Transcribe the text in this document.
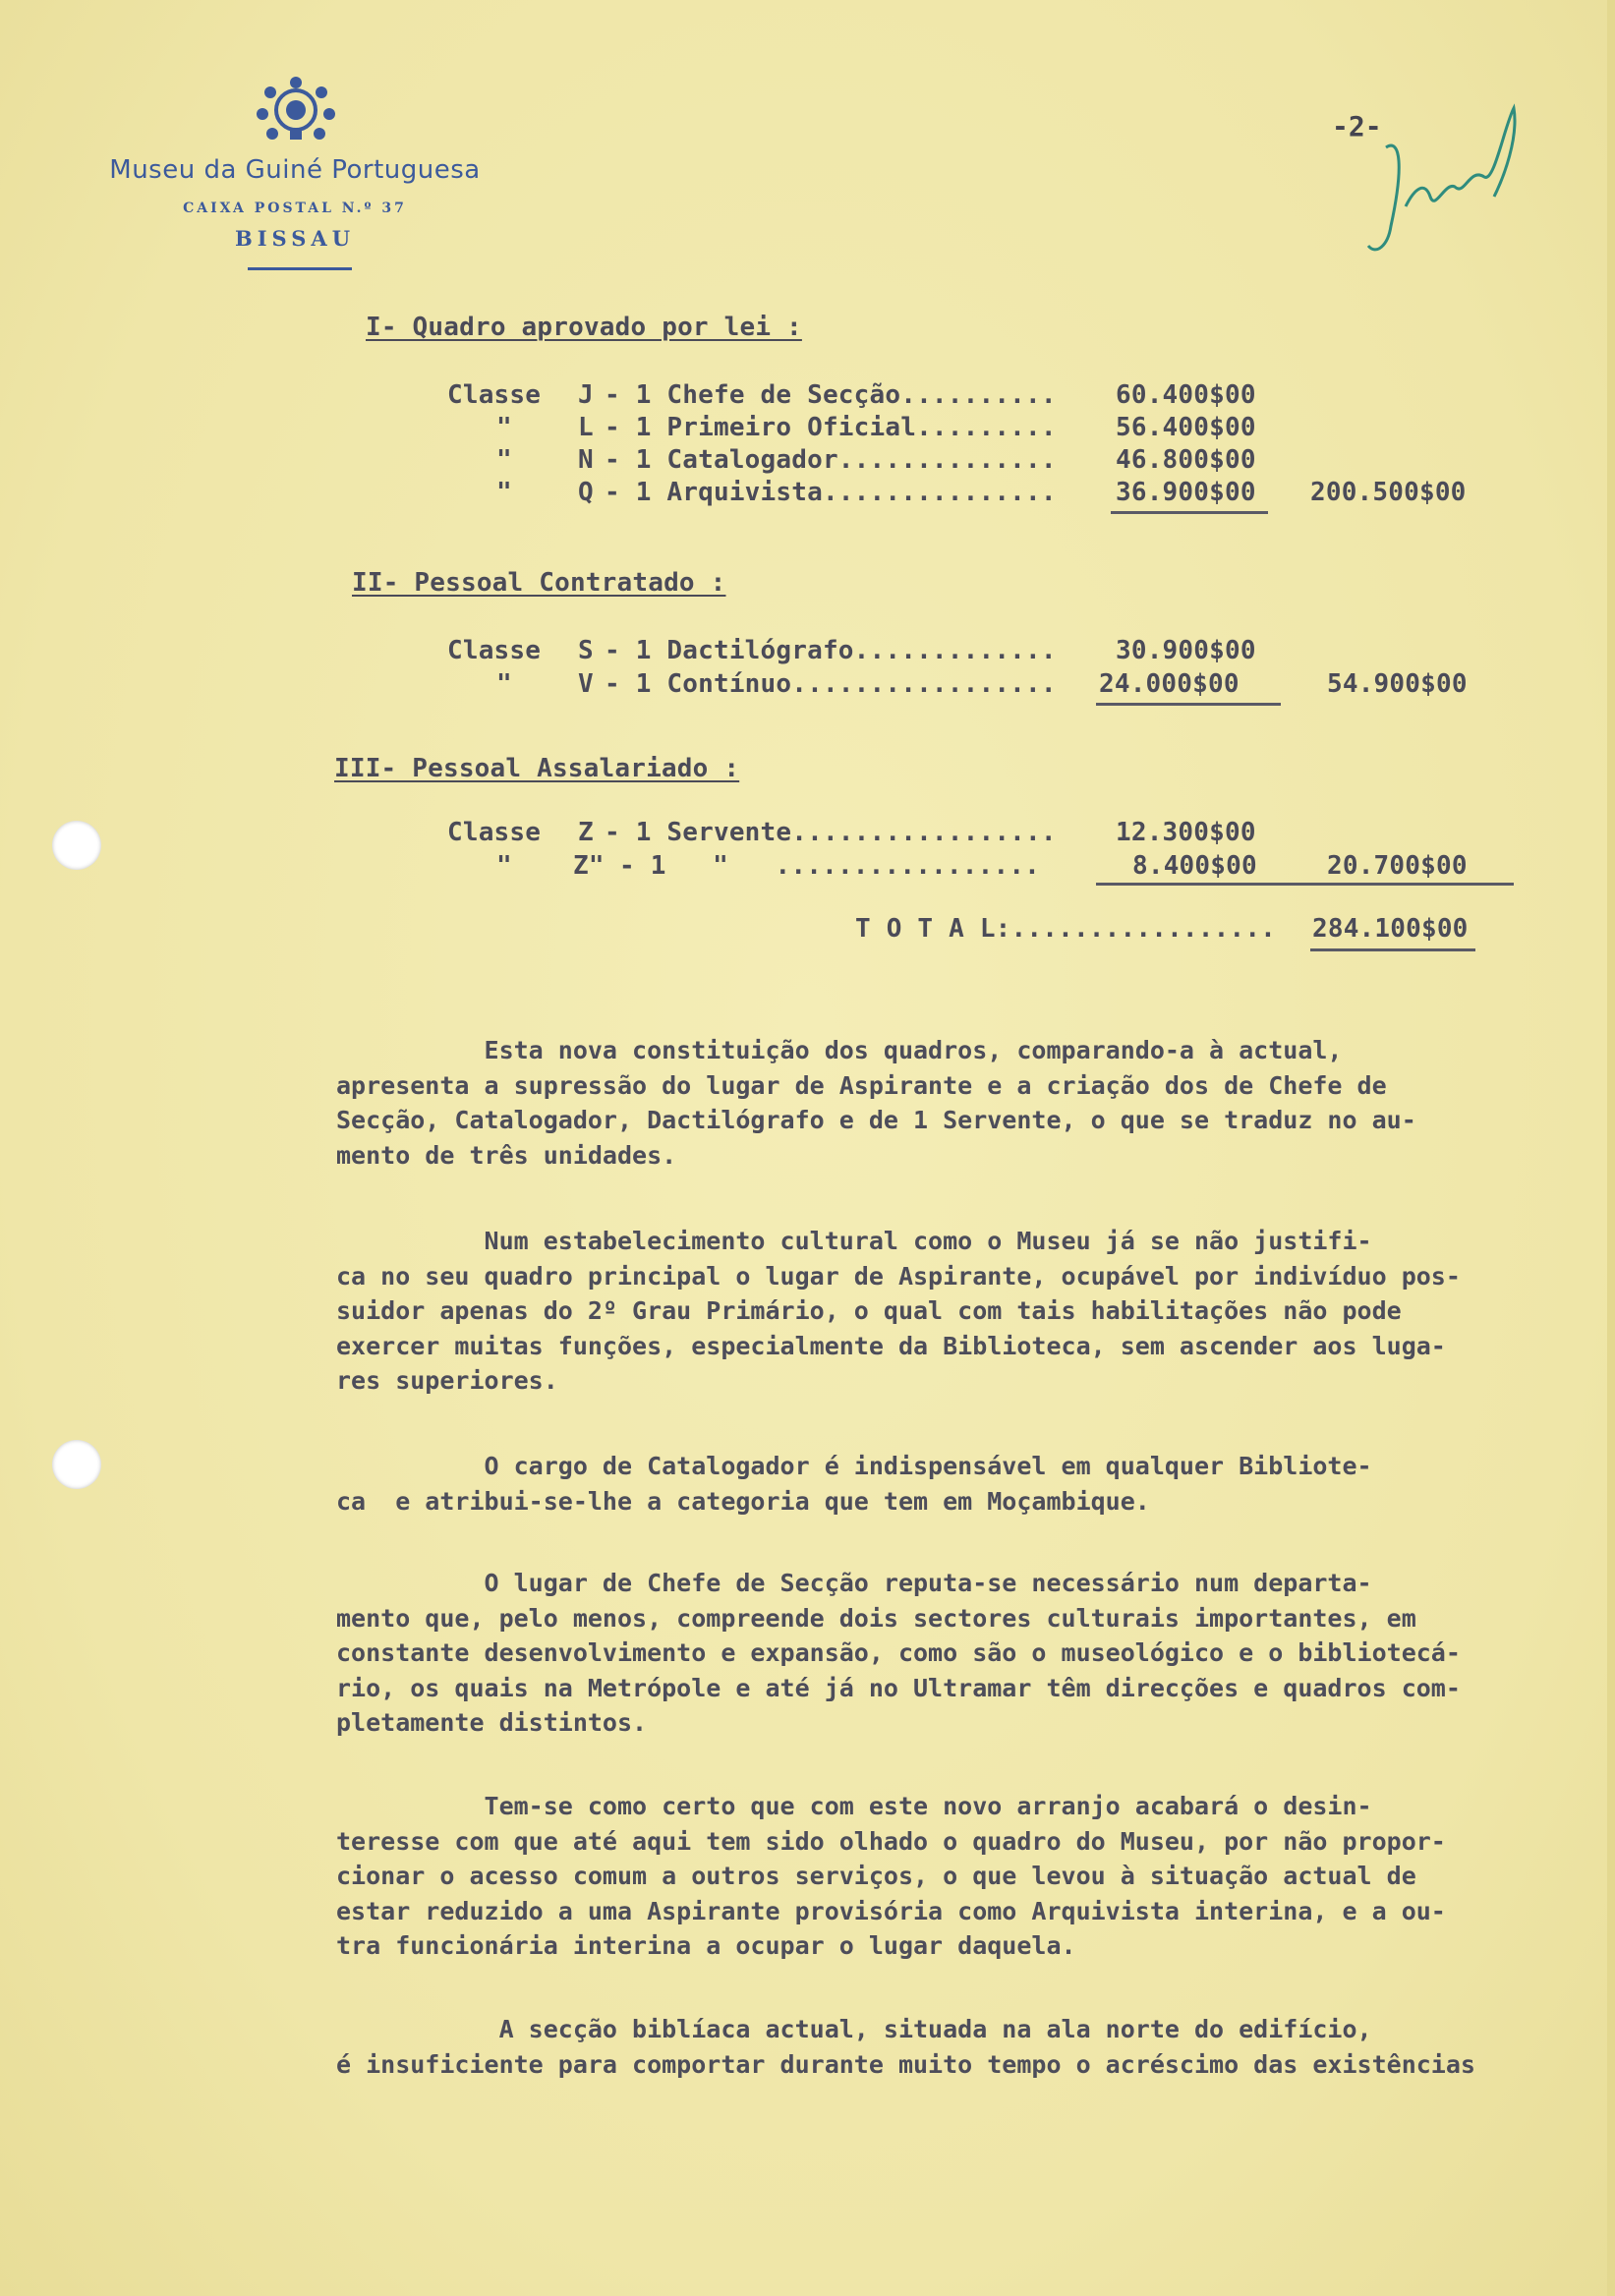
Museu da Guiné Portuguesa
CAIXA POSTAL N.º 37
BISSAU
-2-
I- Quadro aprovado por lei :
Classe J - 1 Chefe de Secção.......... 60.400$00
"	L - 1 Primeiro Oficial......... 56.400$00
"	N - 1 Catalogador.............. 46.800$00
"	Q - 1 Arquivista............... 36.900$00 200.500$00
II- Pessoal Contratado :
Classe S - 1 Dactilógrafo............. 30.900$00
"	V - 1 Contínuo................. 24.000$00	54.900$00
III- Pessoal Assalariado :
Classe Z - 1 Servente................. 12.300$00
" Z" - 1   "   .................	8.400$00	20.700$00
T O T A L:................. 284.100$00
Esta nova constituição dos quadros, comparando-a à actual,
apresenta a supressão do lugar de Aspirante e a criação dos de Chefe de
Secção, Catalogador, Dactilógrafo e de 1 Servente, o que se traduz no au-
mento de três unidades.
Num estabelecimento cultural como o Museu já se não justifi-
ca no seu quadro principal o lugar de Aspirante, ocupável por indivíduo pos-
suidor apenas do 2º Grau Primário, o qual com tais habilitações não pode
exercer muitas funções, especialmente da Biblioteca, sem ascender aos luga-
res superiores.
O cargo de Catalogador é indispensável em qualquer Bibliote-
ca  e atribui-se-lhe a categoria que tem em Moçambique.
O lugar de Chefe de Secção reputa-se necessário num departa-
mento que, pelo menos, compreende dois sectores culturais importantes, em
constante desenvolvimento e expansão, como são o museológico e o bibliotecá-
rio, os quais na Metrópole e até já no Ultramar têm direcções e quadros com-
pletamente distintos.
Tem-se como certo que com este novo arranjo acabará o desin-
teresse com que até aqui tem sido olhado o quadro do Museu, por não propor-
cionar o acesso comum a outros serviços, o que levou à situação actual de
estar reduzido a uma Aspirante provisória como Arquivista interina, e a ou-
tra funcionária interina a ocupar o lugar daquela.
A secção biblíaca actual, situada na ala norte do edifício,
é insuficiente para comportar durante muito tempo o acréscimo das existências
